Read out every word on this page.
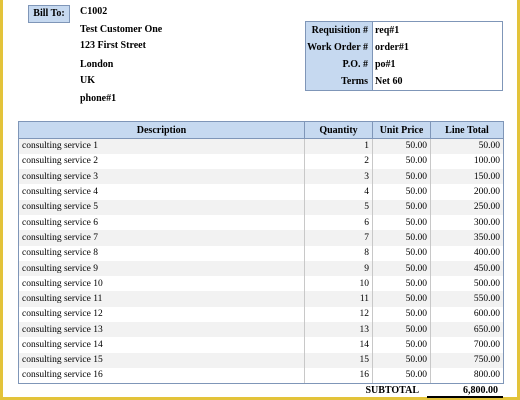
Bill To:	C1002
Test Customer One
123 First Street
London
UK
phone#1
Requisition # req#1
Work Order # order#1
P.O. # po#1
Terms Net 60
Description	Quantity	Unit Price	Line Total
consulting service 1	1	50.00	50.00
consulting service 2	2	50.00	100.00
consulting service 3	3	50.00	150.00
consulting service 4	4	50.00	200.00
consulting service 5	5	50.00	250.00
consulting service 6	6	50.00	300.00
consulting service 7	7	50.00	350.00
consulting service 8	8	50.00	400.00
consulting service 9	9	50.00	450.00
consulting service 10	10	50.00	500.00
consulting service 11	11	50.00	550.00
consulting service 12	12	50.00	600.00
consulting service 13	13	50.00	650.00
consulting service 14	14	50.00	700.00
consulting service 15	15	50.00	750.00
consulting service 16	16	50.00	800.00
SUBTOTAL	6,800.00
